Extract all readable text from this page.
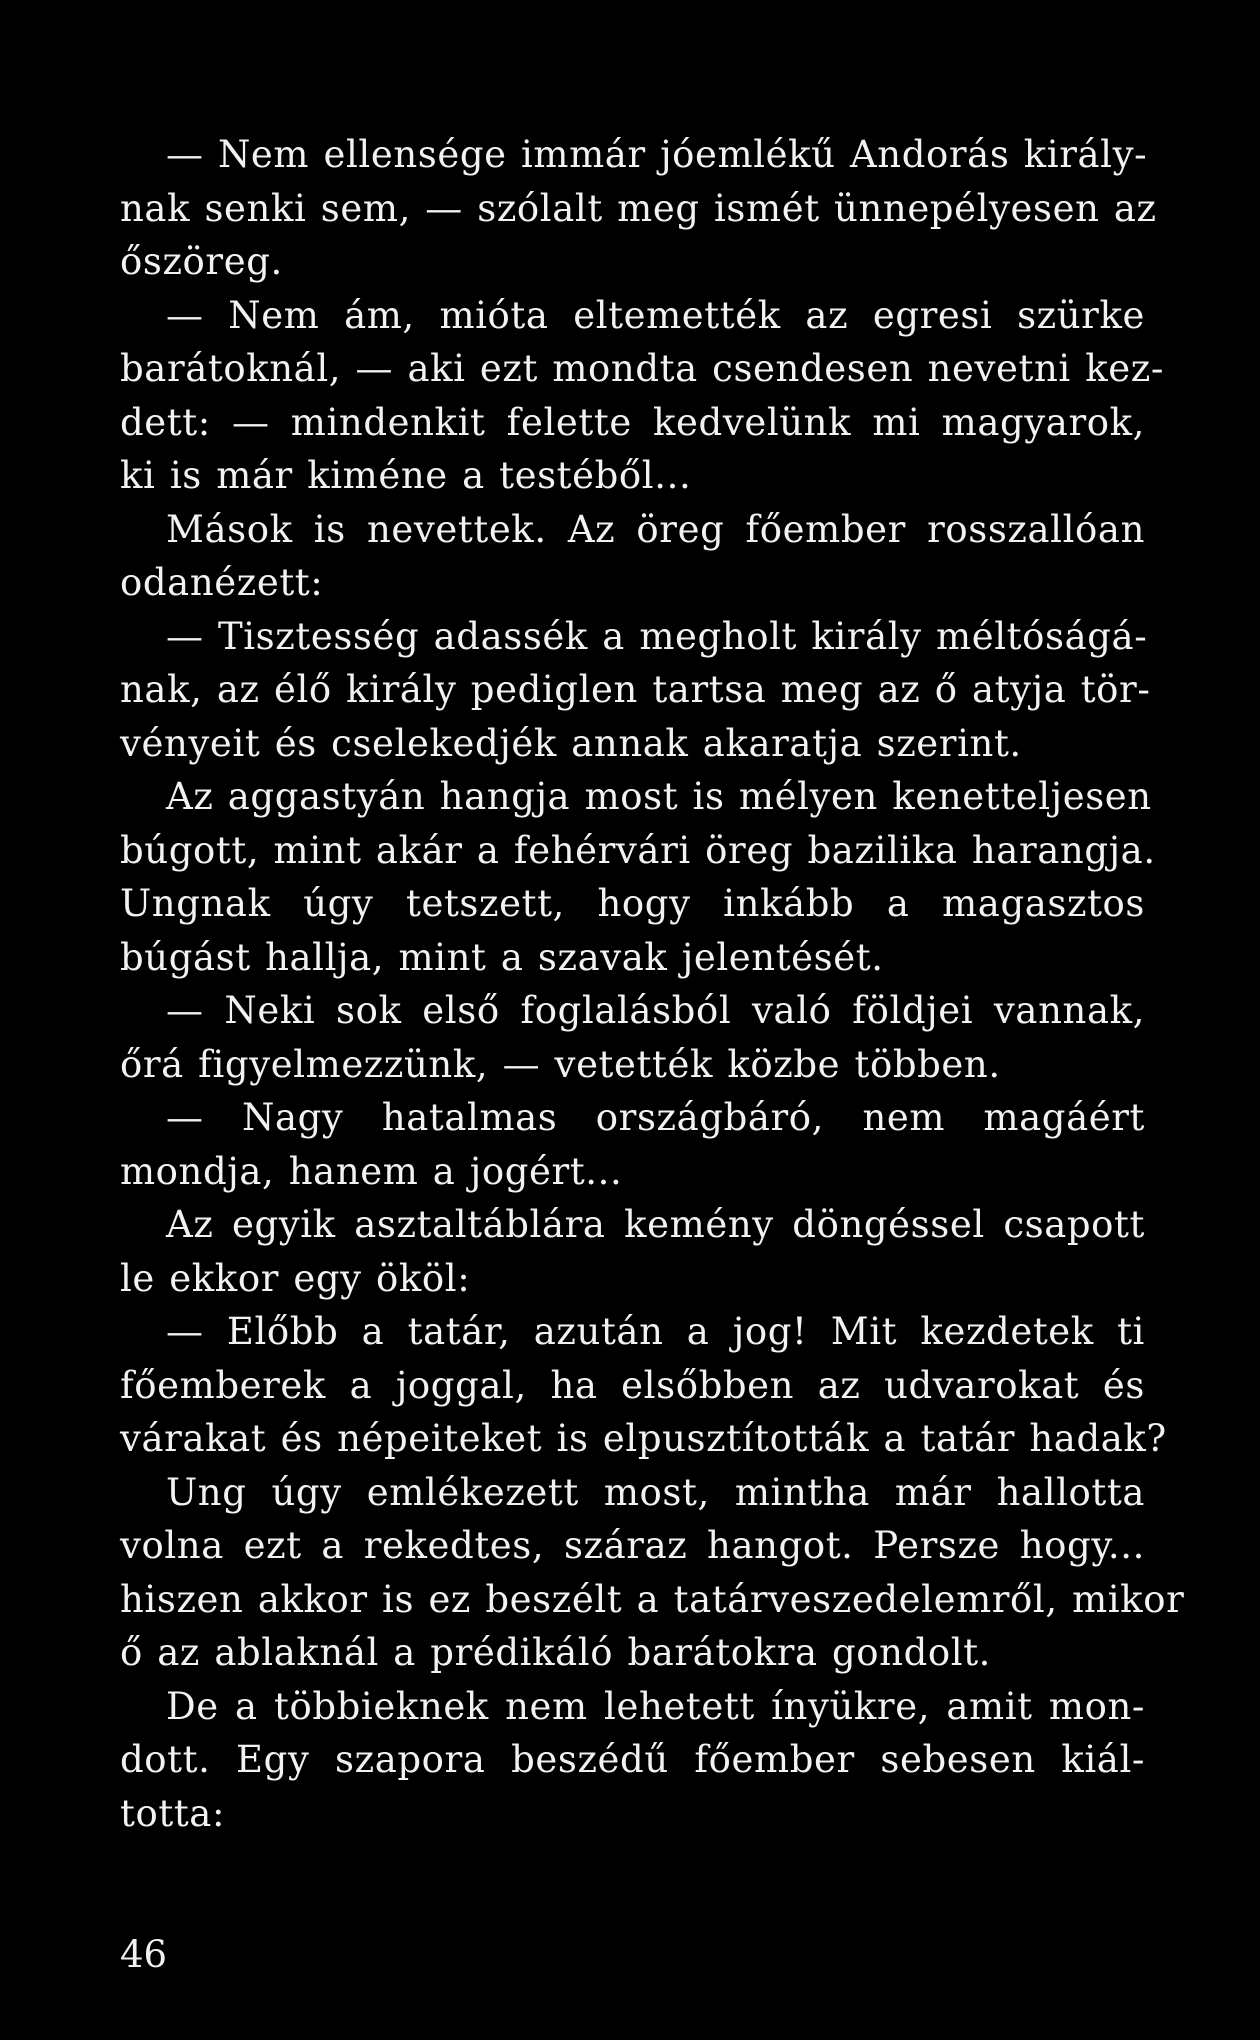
— Nem ellensége immár jóemlékű Andorás király-
nak senki sem, — szólalt meg ismét ünnepélyesen az
őszöreg.
— Nem ám, mióta eltemették az egresi szürke
barátoknál, — aki ezt mondta csendesen nevetni kez-
dett: — mindenkit felette kedvelünk mi magyarok,
ki is már kiméne a testéből...
Mások is nevettek. Az öreg főember rosszallóan
odanézett:
— Tisztesség adassék a megholt király méltóságá-
nak, az élő király pediglen tartsa meg az ő atyja tör-
vényeit és cselekedjék annak akaratja szerint.
Az aggastyán hangja most is mélyen kenetteljesen
búgott, mint akár a fehérvári öreg bazilika harangja.
Ungnak úgy tetszett, hogy inkább a magasztos
búgást hallja, mint a szavak jelentését.
— Neki sok első foglalásból való földjei vannak,
őrá figyelmezzünk, — vetették közbe többen.
— Nagy hatalmas országbáró, nem magáért
mondja, hanem a jogért...
Az egyik asztaltáblára kemény döngéssel csapott
le ekkor egy ököl:
— Előbb a tatár, azután a jog! Mit kezdetek ti
főemberek a joggal, ha elsőbben az udvarokat és
várakat és népeiteket is elpusztították a tatár hadak?
Ung úgy emlékezett most, mintha már hallotta
volna ezt a rekedtes, száraz hangot. Persze hogy...
hiszen akkor is ez beszélt a tatárveszedelemről, mikor
ő az ablaknál a prédikáló barátokra gondolt.
De a többieknek nem lehetett ínyükre, amit mon-
dott. Egy szapora beszédű főember sebesen kiál-
totta:
46
